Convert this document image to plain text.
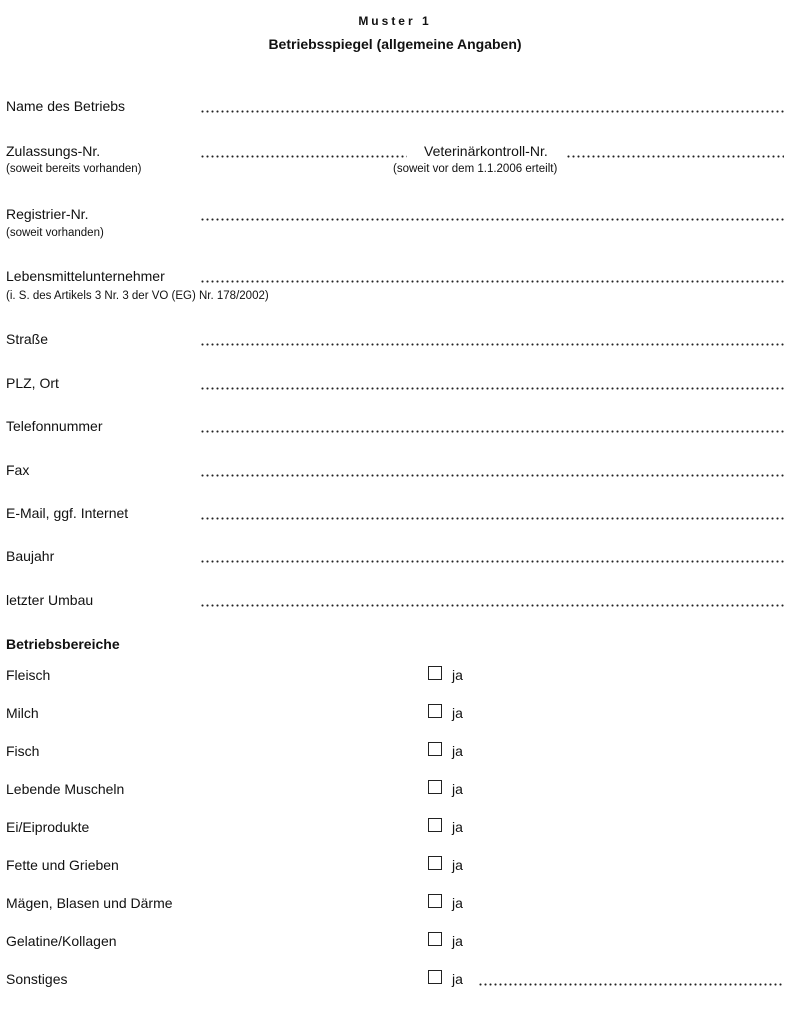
Muster 1
Betriebsspiegel (allgemeine Angaben)
Name des Betriebs
Zulassungs-Nr.
(soweit bereits vorhanden)
Veterinärkontroll-Nr.
(soweit vor dem 1.1.2006 erteilt)
Registrier-Nr.
(soweit vorhanden)
Lebensmittelunternehmer
(i. S. des Artikels 3 Nr. 3 der VO (EG) Nr. 178/2002)
Straße
PLZ, Ort
Telefonnummer
Fax
E-Mail, ggf. Internet
Baujahr
letzter Umbau
Betriebsbereiche
Fleisch	ja
Milch	ja
Fisch	ja
Lebende Muscheln	ja
Ei/Eiprodukte	ja
Fette und Grieben	ja
Mägen, Blasen und Därme	ja
Gelatine/Kollagen	ja
Sonstiges	ja
